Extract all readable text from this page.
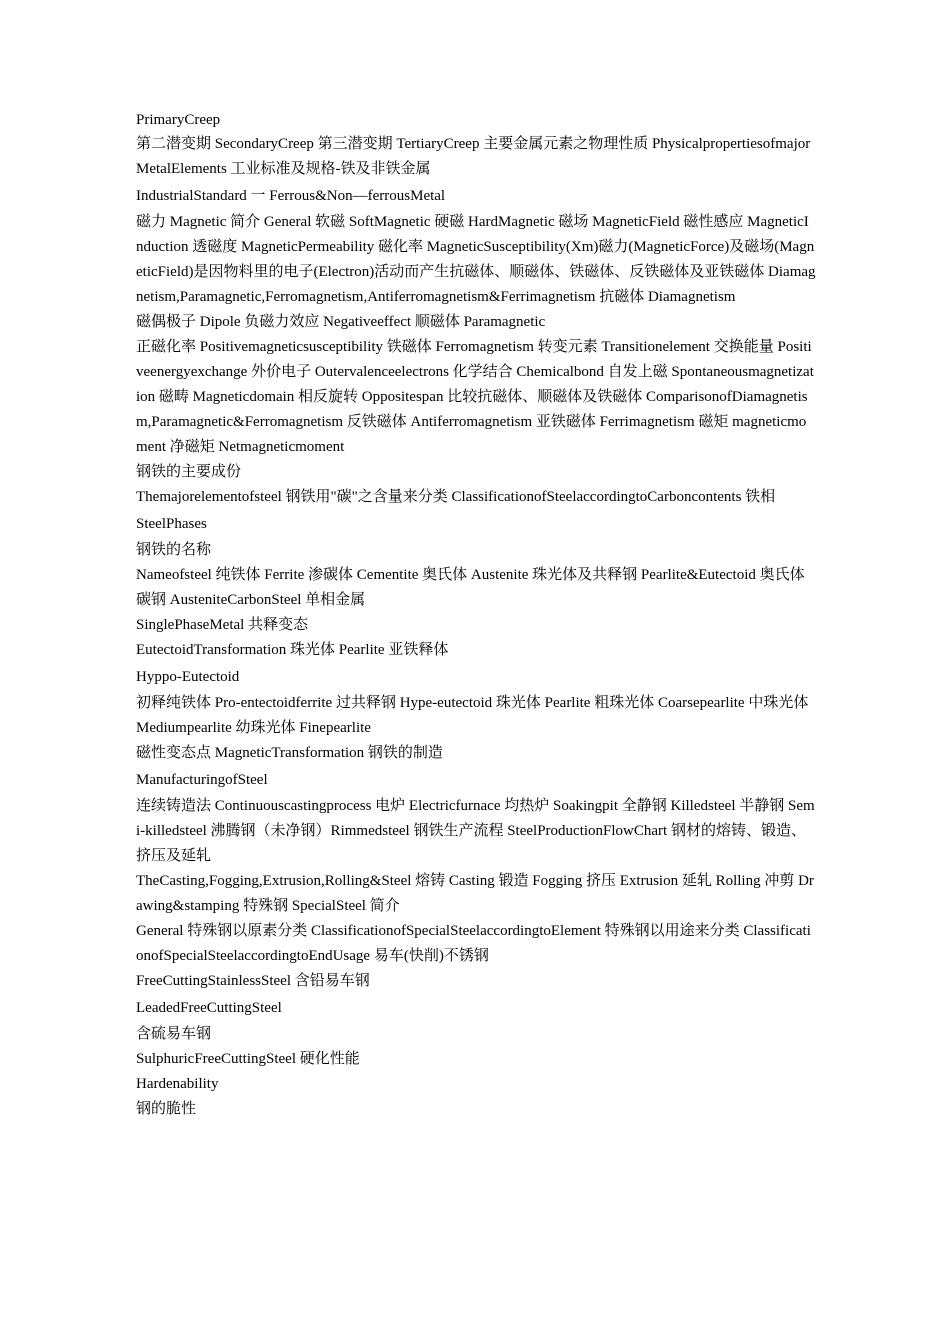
PrimaryCreep

第二潜变期 SecondaryCreep 第三潜变期 TertiaryCreep 主要金属元素之物理性质 PhysicalpropertiesofmajorMetalElements 工业标准及规格-铁及非铁金属

IndustrialStandard 一 Ferrous&Non—ferrousMetal

磁力 Magnetic 简介 General 软磁 SoftMagnetic 硬磁 HardMagnetic 磁场 MagneticField 磁性感应 MagneticInduction 透磁度 MagneticPermeability 磁化率 MagneticSusceptibility(Xm)磁力(MagneticForce)及磁场(MagneticField)是因物料里的电子(Electron)活动而产生抗磁体、顺磁体、铁磁体、反铁磁体及亚铁磁体 Diamagnetism,Paramagnetic,Ferromagnetism,Antiferromagnetism&Ferrimagnetism 抗磁体 Diamagnetism

磁偶极子 Dipole 负磁力效应 Negativeeffect 顺磁体 Paramagnetic

正磁化率 Positivemagneticsusceptibility 铁磁体 Ferromagnetism 转变元素 Transitionelement 交换能量 Positiveenergyexchange 外价电子 Outervalenceelectrons 化学结合 Chemicalbond 自发上磁 Spontaneousmagnetization 磁畴 Magneticdomain 相反旋转 Oppositespan 比较抗磁体、顺磁体及铁磁体 ComparisonofDiamagnetism,Paramagnetic&Ferromagnetism 反铁磁体 Antiferromagnetism 亚铁磁体 Ferrimagnetism 磁矩 magneticmoment 净磁矩 Netmagneticmoment

钢铁的主要成份

Themajorelementofsteel 钢铁用"碳"之含量来分类 ClassificationofSteelaccordingtoCarboncontents 铁相

SteelPhases

钢铁的名称

Nameofsteel 纯铁体 Ferrite 渗碳体 Cementite 奥氏体 Austenite 珠光体及共释钢 Pearlite&Eutectoid 奥氏体碳钢 AusteniteCarbonSteel 单相金属

SinglePhaseMetal 共释变态

EutectoidTransformation 珠光体 Pearlite 亚铁释体

Hyppo-Eutectoid

初释纯铁体 Pro-entectoidferrite 过共释钢 Hype-eutectoid 珠光体 Pearlite 粗珠光体 Coarsepearlite 中珠光体 Mediumpearlite 幼珠光体 Finepearlite

磁性变态点 MagneticTransformation 钢铁的制造

ManufacturingofSteel

连续铸造法 Continuouscastingprocess 电炉 Electricfurnace 均热炉 Soakingpit 全静钢 Killedsteel 半静钢 Semi-killedsteel 沸腾钢（未净钢）Rimmedsteel 钢铁生产流程 SteelProductionFlowChart 钢材的熔铸、锻造、挤压及延轧

TheCasting,Fogging,Extrusion,Rolling&Steel 熔铸 Casting 锻造 Fogging 挤压 Extrusion 延轧 Rolling 冲剪 Drawing&stamping 特殊钢 SpecialSteel 简介

General 特殊钢以原素分类 ClassificationofSpecialSteelaccordingtoElement 特殊钢以用途来分类 ClassificationofSpecialSteelaccordingtoEndUsage 易车(快削)不锈钢

FreeCuttingStainlessSteel 含铅易车钢

LeadedFreeCuttingSteel

含硫易车钢

SulphuricFreeCuttingSteel 硬化性能

Hardenability

钢的脆性
